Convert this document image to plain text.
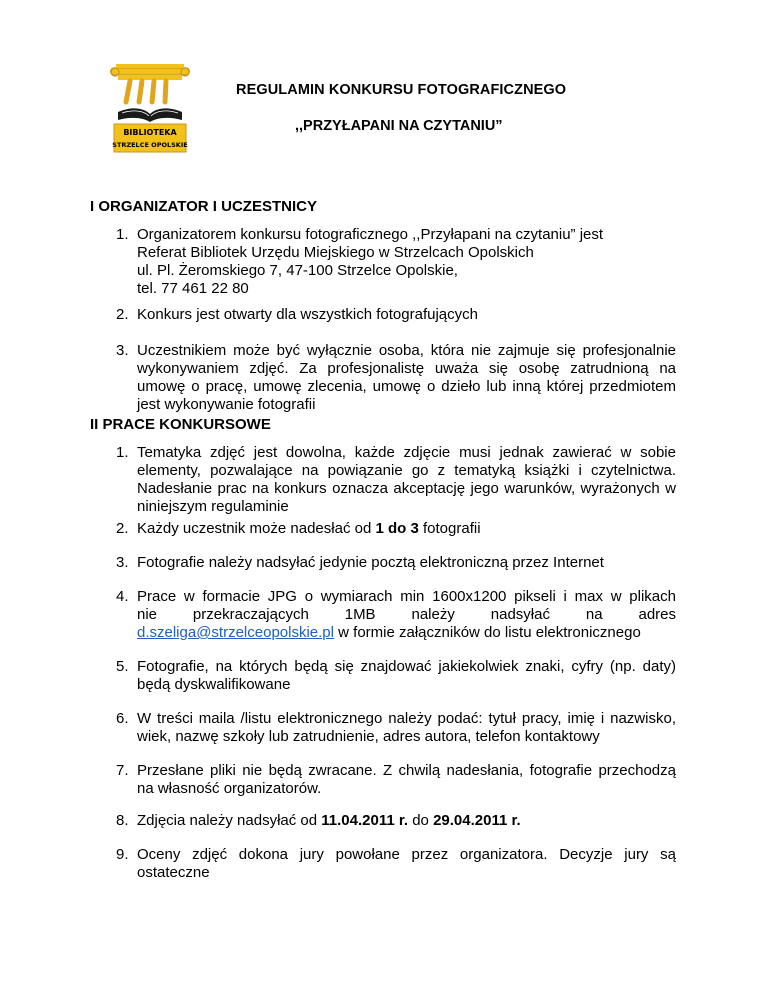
BIBLIOTEKA
STRZELCE OPOLSKIE
REGULAMIN KONKURSU FOTOGRAFICZNEGO
,,PRZYŁAPANI NA CZYTANIU”
I ORGANIZATOR I UCZESTNICY
1. Organizatorem konkursu fotograficznego ,,Przyłapani na czytaniu” jest
Referat Bibliotek Urzędu Miejskiego w Strzelcach Opolskich
ul. Pl. Żeromskiego 7, 47-100 Strzelce Opolskie,
tel. 77 461 22 80
2. Konkurs jest otwarty dla wszystkich fotografujących
3. Uczestnikiem może być wyłącznie osoba, która nie zajmuje się profesjonalnie wykonywaniem zdjęć. Za profesjonalistę uważa się osobę zatrudnioną na umowę o pracę, umowę zlecenia, umowę o dzieło lub inną której przedmiotem jest wykonywanie fotografii
II PRACE KONKURSOWE
1. Tematyka zdjęć jest dowolna, każde zdjęcie musi jednak zawierać w sobie elementy, pozwalające na powiązanie go z tematyką książki i czytelnictwa. Nadesłanie prac na konkurs oznacza akceptację jego warunków, wyrażonych w niniejszym regulaminie
2. Każdy uczestnik może nadesłać od 1 do 3 fotografii
3. Fotografie należy nadsyłać jedynie pocztą elektroniczną przez Internet
4. Prace w formacie JPG o wymiarach min 1600x1200 pikseli i max w plikach
nie przekraczających 1MB należy nadsyłać na adres
d.szeliga@strzelceopolskie.pl w formie załączników do listu elektronicznego
5. Fotografie, na których będą się znajdować jakiekolwiek znaki, cyfry (np. daty) będą dyskwalifikowane
6. W treści maila /listu elektronicznego należy podać: tytuł pracy, imię i nazwisko, wiek, nazwę szkoły lub zatrudnienie, adres autora, telefon kontaktowy
7. Przesłane pliki nie będą zwracane. Z chwilą nadesłania, fotografie przechodzą na własność organizatorów.
8. Zdjęcia należy nadsyłać od 11.04.2011 r. do 29.04.2011 r.
9. Oceny zdjęć dokona jury powołane przez organizatora. Decyzje jury są ostateczne
